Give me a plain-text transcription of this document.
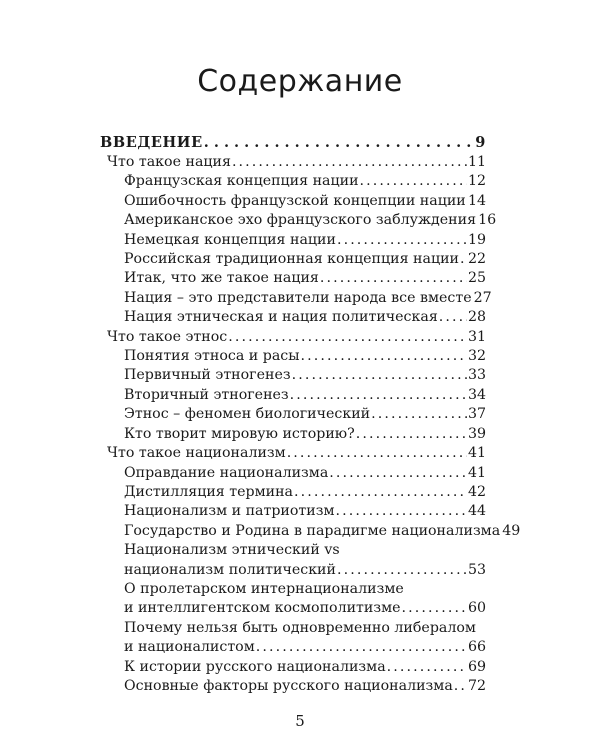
Содержание
ВВЕДЕНИЕ . . .	9
Что такое нация . . .	11
Французская концепция нации . . .	12
Ошибочность французской концепции нации . . . 14
Американское эхо французского заблуждения 16
Немецкая концепция нации . . .	19
Российская традиционная концепция нации . . . 22
Итак, что же такое нация . . .	25
Нация – это представители народа все вместе 27
Нация этническая и нация политическая . . . 28
Что такое этнос . . .	31
Понятия этноса и расы . . .	32
Первичный этногенез . . .	33
Вторичный этногенез . . .	34
Этнос – феномен биологический . . .	37
Кто творит мировую историю? . . .	39
Что такое национализм . . .	41
Оправдание национализма . . .	41
Дистилляция термина . . .	42
Национализм и патриотизм . . .	44
Государство и Родина в парадигме национализма 49
Национализм этнический vs
национализм политический . . .	53
О пролетарском интернационализме
и интеллигентском космополитизме . . .	60
Почему нельзя быть одновременно либералом
и националистом . . .	66
К истории русского национализма . . .	69
Основные факторы русского национализма . . . 72
5
